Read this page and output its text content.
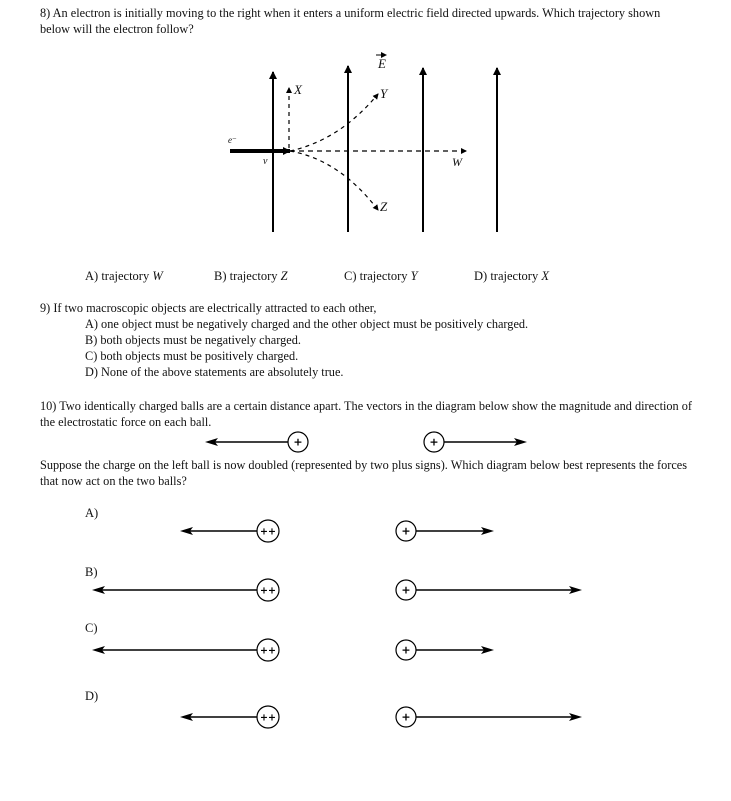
8) An electron is initially moving to the right when it enters a uniform electric field directed upwards. Which trajectory shown below will the electron follow?
E
X	Y
Z
W
e⁻
v
A) trajectory W	B) trajectory Z	C) trajectory Y	D) trajectory X
9) If two macroscopic objects are electrically attracted to each other,
A) one object must be negatively charged and the other object must be positively charged.
B) both objects must be negatively charged.
C) both objects must be positively charged.
D) None of the above statements are absolutely true.
10) Two identically charged balls are a certain distance apart. The vectors in the diagram below show the magnitude and direction of the electrostatic force on each ball.
+	+
Suppose the charge on the left ball is now doubled (represented by two plus signs). Which diagram below best represents the forces that now act on the two balls?
A)
B)
C)
D)
++	+
++	+
++	+
++	+
